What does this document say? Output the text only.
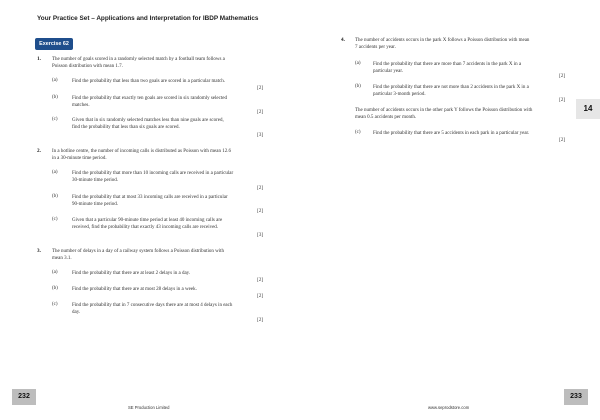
Your Practice Set – Applications and Interpretation for IBDP Mathematics
Exercise 62
1. The number of goals scored in a randomly selected match by a football team follows a
Poisson distribution with mean 1.7.
(a)	Find the probability that less than two goals are scored in a particular match.
[2]
(b)	Find the probability that exactly ten goals are scored in six randomly selected
matches.
[2]
(c)	Given that in six randomly selected matches less than nine goals are scored,
find the probability that less than six goals are scored.
[3]
2. In a hotline centre, the number of incoming calls is distributed as Poisson with mean 12.6
in a 30-minute time period.
(a)	Find the probability that more than 10 incoming calls are received in a particular
30-minute time period.
[2]
(b)	Find the probability that at most 33 incoming calls are received in a particular
90-minute time period.
[2]
(c)	Given that a particular 90-minute time period at least 40 incoming calls are
received, find the probability that exactly 43 incoming calls are received.
[3]
3. The number of delays in a day of a railway system follows a Poisson distribution with
mean 3.1.
(a)	Find the probability that there are at least 2 delays in a day.
[2]
(b)	Find the probability that there are at most 28 delays in a week.
[2]
(c)	Find the probability that in 7 consecutive days there are at most 4 delays in each
day.
[2]
4. The number of accidents occurs in the park X follows a Poisson distribution with mean
7 accidents per year.
(a) Find the probability that there are more than 7 accidents in the park X in a
particular year.
[2]
(b) Find the probability that there are not more than 2 accidents in the park X in a
particular 3-month period.
[2]
The number of accidents occurs in the other park Y follows the Poisson distribution with
mean 0.5 accidents per month.
(c) Find the probability that there are 5 accidents in each park in a particular year.
[2]
14
232	233
SE Production Limited	www.seprodstore.com
